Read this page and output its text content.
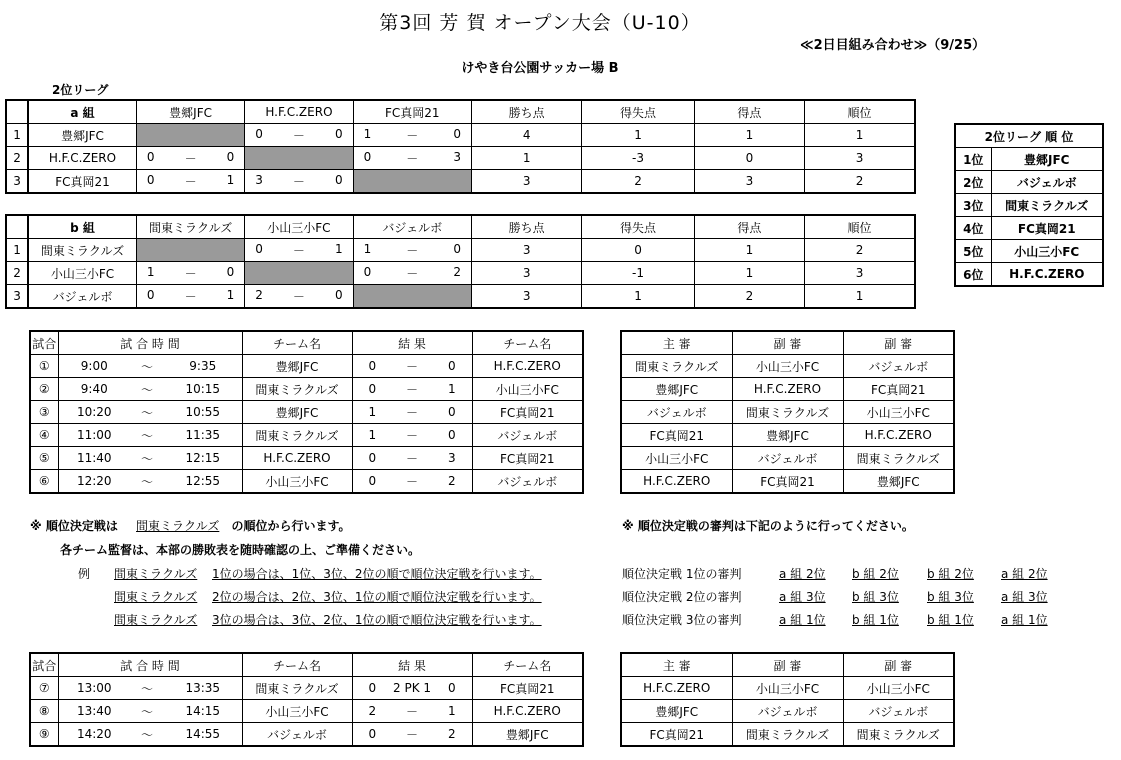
第3回 芳 賀 オープン大会（U-10）
≪2日目組み合わせ≫（9/25）
けやき台公園サッカー場 B
2位リーグ
	a 組	豊郷JFC	H.F.C.ZERO	FC真岡21	勝ち点	得失点	得点	順位
1	豊郷JFC		0 － 0	1 － 0	4	1	1	1
2	H.F.C.ZERO	0 － 0		0 － 3	1	-3	0	3
3	FC真岡21	0 － 1	3 － 0		3	2	3	2
	b 組	間東ミラクルズ	小山三小FC	バジェルボ	勝ち点	得失点	得点	順位
1	間東ミラクルズ		0 － 1	1 － 0	3	0	1	2
2	小山三小FC	1 － 0		0 － 2	3	-1	1	3
3	バジェルボ	0 － 1	2 － 0		3	1	2	1
2位リーグ 順 位	
1位	豊郷JFC
2位	バジェルボ
3位	間東ミラクルズ
4位	FC真岡21
5位	小山三小FC
6位	H.F.C.ZERO
試合	試 合 時 間			チーム名	結 果			チーム名
①	9:00	～	9:35	豊郷JFC	0	－	0	H.F.C.ZERO
②	9:40	～	10:15	間東ミラクルズ	0	－	1	小山三小FC
③	10:20	～	10:55	豊郷JFC	1	－	0	FC真岡21
④	11:00	～	11:35	間東ミラクルズ	1	－	0	バジェルボ
⑤	11:40	～	12:15	H.F.C.ZERO	0	－	3	FC真岡21
⑥	12:20	～	12:55	小山三小FC	0	－	2	バジェルボ
主 審	副 審	副 審
間東ミラクルズ	小山三小FC	バジェルボ
豊郷JFC	H.F.C.ZERO	FC真岡21
バジェルボ	間東ミラクルズ	小山三小FC
FC真岡21	豊郷JFC	H.F.C.ZERO
小山三小FC	バジェルボ	間東ミラクルズ
H.F.C.ZERO	FC真岡21	豊郷JFC
※ 順位決定戦は 間東ミラクルズ の順位から行います。
各チーム監督は、本部の勝敗表を随時確認の上、ご準備ください。
例 間東ミラクルズ 1位の場合は、1位、3位、2位の順で順位決定戦を行います。
間東ミラクルズ 2位の場合は、2位、3位、1位の順で順位決定戦を行います。
間東ミラクルズ 3位の場合は、3位、2位、1位の順で順位決定戦を行います。
※ 順位決定戦の審判は下記のように行ってください。
順位決定戦 1位の審判	a 組 2位 b 組 2位 b 組 2位 a 組 2位
順位決定戦 2位の審判	a 組 3位 b 組 3位 b 組 3位 a 組 3位
順位決定戦 3位の審判	a 組 1位 b 組 1位 b 組 1位 a 組 1位
試合	試 合 時 間			チーム名	結 果			チーム名
⑦	13:00	～	13:35	間東ミラクルズ	0	2 PK 1	0	FC真岡21
⑧	13:40	～	14:15	小山三小FC	2	－	1	H.F.C.ZERO
⑨	14:20	～	14:55	バジェルボ	0	－	2	豊郷JFC
主 審	副 審	副 審
H.F.C.ZERO	小山三小FC	小山三小FC
豊郷JFC	バジェルボ	バジェルボ
FC真岡21	間東ミラクルズ	間東ミラクルズ
